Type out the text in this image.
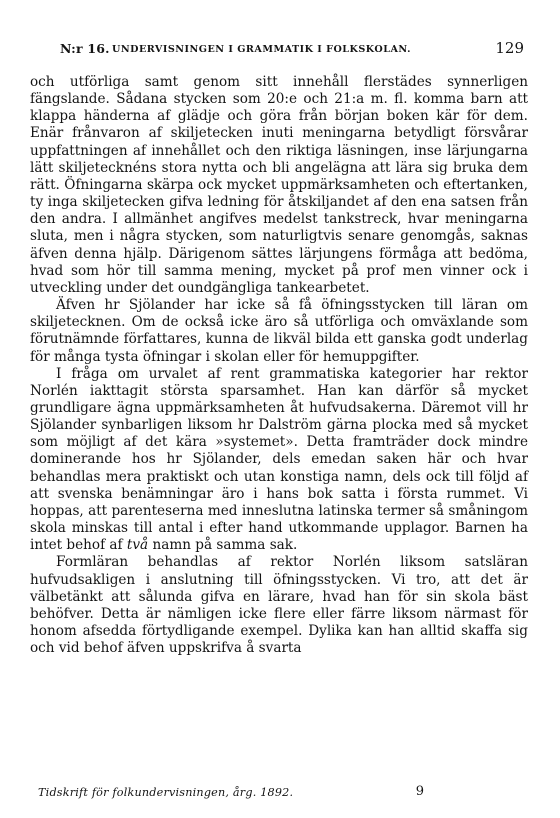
N:r 16. UNDERVISNINGEN I GRAMMATIK I FOLKSKOLAN.	129

och utförliga samt genom sitt innehåll flerstädes synnerligen fängslande. Sådana stycken som 20:e och 21:a m. fl. komma barn att klappa händerna af glädje och göra från början boken kär för dem. Enär frånvaron af skiljetecken inuti meningarna betydligt försvårar uppfattningen af innehållet och den riktiga läsningen, inse lärjungarna lätt skiljetecknéns stora nytta och bli angelägna att lära sig bruka dem rätt. Öfningarna skärpa ock mycket uppmärksamheten och eftertanken, ty inga skiljetecken gifva ledning för åtskiljandet af den ena satsen från den andra. I allmänhet angifves medelst tankstreck, hvar meningarna sluta, men i några stycken, som naturligtvis senare genomgås, saknas äfven denna hjälp. Därigenom sättes lärjungens förmåga att bedöma, hvad som hör till samma mening, mycket på prof men vinner ock i utveckling under det oundgängliga tankearbetet.

Äfven hr Sjölander har icke så få öfningsstycken till läran om skiljetecknen. Om de också icke äro så utförliga och omväxlande som förutnämnde författares, kunna de likväl bilda ett ganska godt underlag för många tysta öfningar i skolan eller för hemuppgifter.

I fråga om urvalet af rent grammatiska kategorier har rektor Norlén iakttagit största sparsamhet. Han kan därför så mycket grundligare ägna uppmärksamheten åt hufvudsakerna. Däremot vill hr Sjölander synbarligen liksom hr Dalström gärna plocka med så mycket som möjligt af det kära »systemet». Detta framträder dock mindre dominerande hos hr Sjölander, dels emedan saken här och hvar behandlas mera praktiskt och utan konstiga namn, dels ock till följd af att svenska benämningar äro i hans bok satta i första rummet. Vi hoppas, att parenteserna med inneslutna latinska termer så småningom skola minskas till antal i efter hand utkommande upplagor. Barnen ha intet behof af två namn på samma sak.

Formläran behandlas af rektor Norlén liksom satsläran hufvudsakligen i anslutning till öfningsstycken. Vi tro, att det är välbetänkt att sålunda gifva en lärare, hvad han för sin skola bäst behöfver. Detta är nämligen icke flere eller färre liksom närmast för honom afsedda förtydligande exempel. Dylika kan han alltid skaffa sig och vid behof äfven uppskrifva å svarta

Tidskrift för folkundervisningen, årg. 1892.	9
